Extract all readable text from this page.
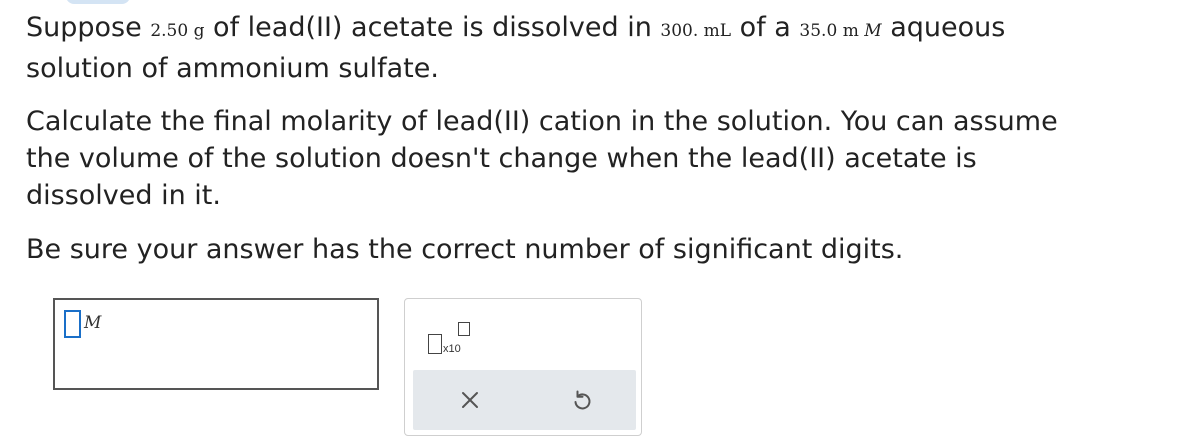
Suppose 2.50 g of lead(II) acetate is dissolved in 300. mL of a 35.0 m M aqueous
solution of ammonium sulfate.

Calculate the final molarity of lead(II) cation in the solution. You can assume
the volume of the solution doesn't change when the lead(II) acetate is
dissolved in it.

Be sure your answer has the correct number of significant digits.

M
x10
